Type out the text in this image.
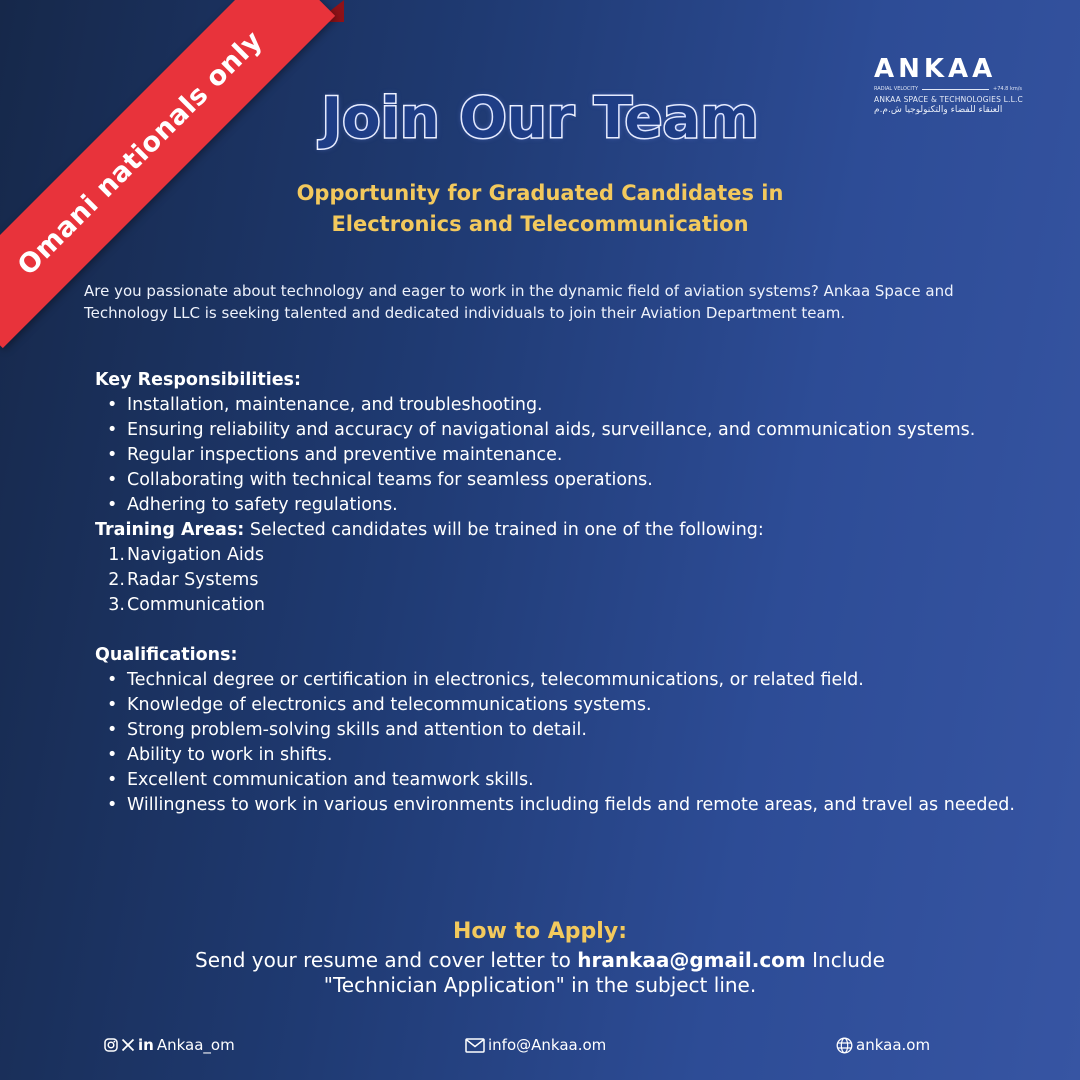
Omani nationals only	ANKAA
RADIAL VELOCITY	+74.8 km/s
ANKAA SPACE & TECHNOLOGIES L.L.C
العنقاء للفضاء والتكنولوجيا ش.م.م
Join Our Team
Opportunity for Graduated Candidates in
Electronics and Telecommunication

Are you passionate about technology and eager to work in the dynamic field of aviation systems? Ankaa Space and Technology LLC is seeking talented and dedicated individuals to join their Aviation Department team.

Key Responsibilities:
• Installation, maintenance, and troubleshooting.
• Ensuring reliability and accuracy of navigational aids, surveillance, and communication systems.
• Regular inspections and preventive maintenance.
• Collaborating with technical teams for seamless operations.
• Adhering to safety regulations.
Training Areas: Selected candidates will be trained in one of the following:
1. Navigation Aids
2. Radar Systems
3. Communication
Qualifications:
• Technical degree or certification in electronics, telecommunications, or related field.
• Knowledge of electronics and telecommunications systems.
• Strong problem-solving skills and attention to detail.
• Ability to work in shifts.
• Excellent communication and teamwork skills.
• Willingness to work in various environments including fields and remote areas, and travel as needed.
How to Apply:
Send your resume and cover letter to hrankaa@gmail.com Include
"Technician Application" in the subject line.
in Ankaa_om	info@Ankaa.om	ankaa.om
